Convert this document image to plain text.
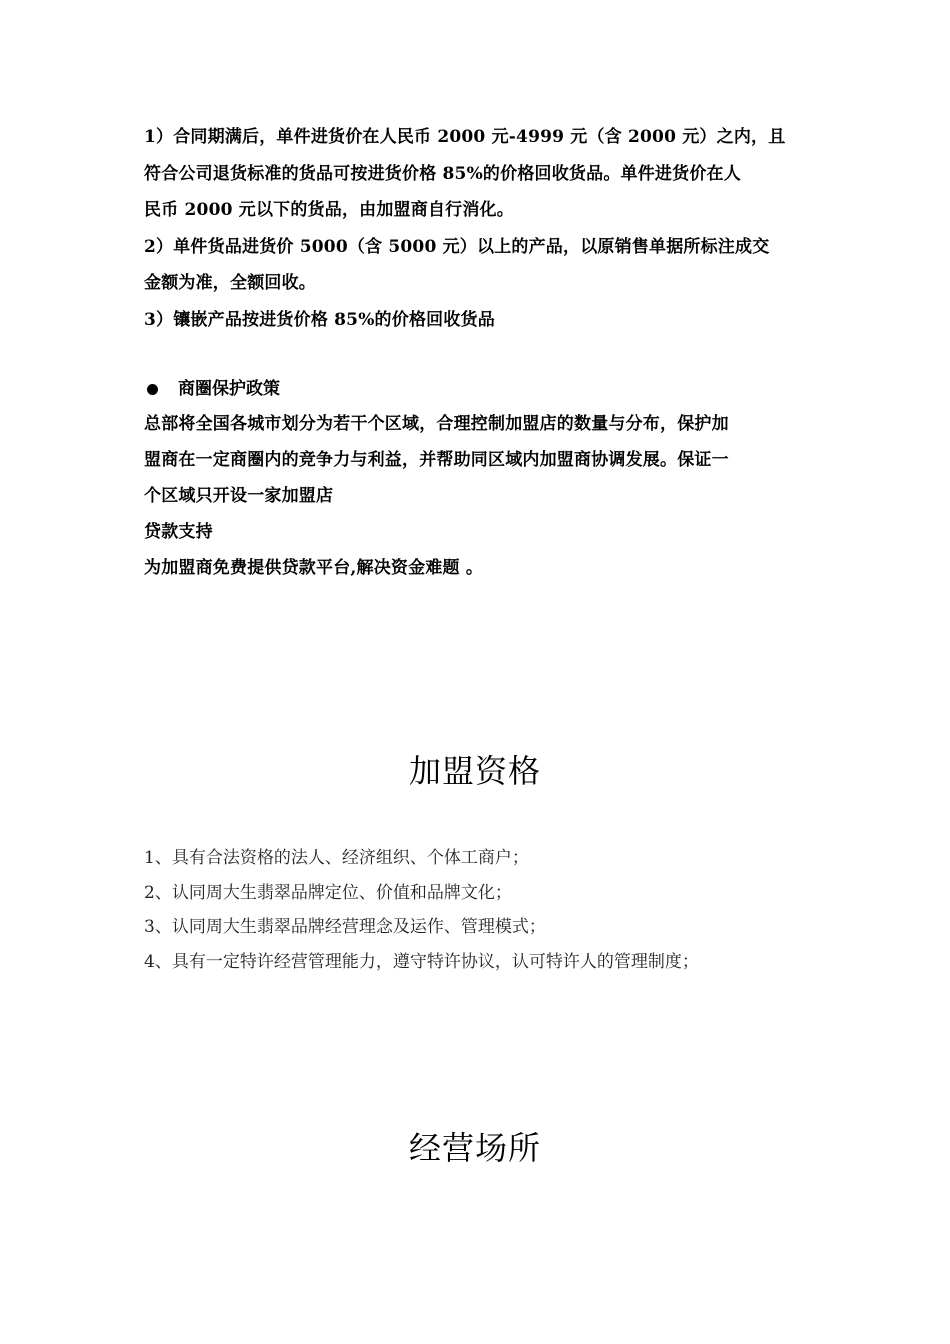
1）合同期满后，单件进货价在人民币 2000 元-4999 元（含 2000 元）之内，且

符合公司退货标准的货品可按进货价格 85%的价格回收货品。单件进货价在人

民币 2000 元以下的货品，由加盟商自行消化。

2）单件货品进货价 5000（含 5000 元）以上的产品，以原销售单据所标注成交

金额为准，全额回收。

3）镶嵌产品按进货价格 85%的价格回收货品

商圈保护政策

总部将全国各城市划分为若干个区域，合理控制加盟店的数量与分布，保护加

盟商在一定商圈内的竞争力与利益，并帮助同区域内加盟商协调发展。保证一

个区域只开设一家加盟店

贷款支持

为加盟商免费提供贷款平台,解决资金难题 。

加盟资格

1、具有合法资格的法人、经济组织、个体工商户；

2、认同周大生翡翠品牌定位、价值和品牌文化；

3、认同周大生翡翠品牌经营理念及运作、管理模式；

4、具有一定特许经营管理能力，遵守特许协议，认可特许人的管理制度；

经营场所
